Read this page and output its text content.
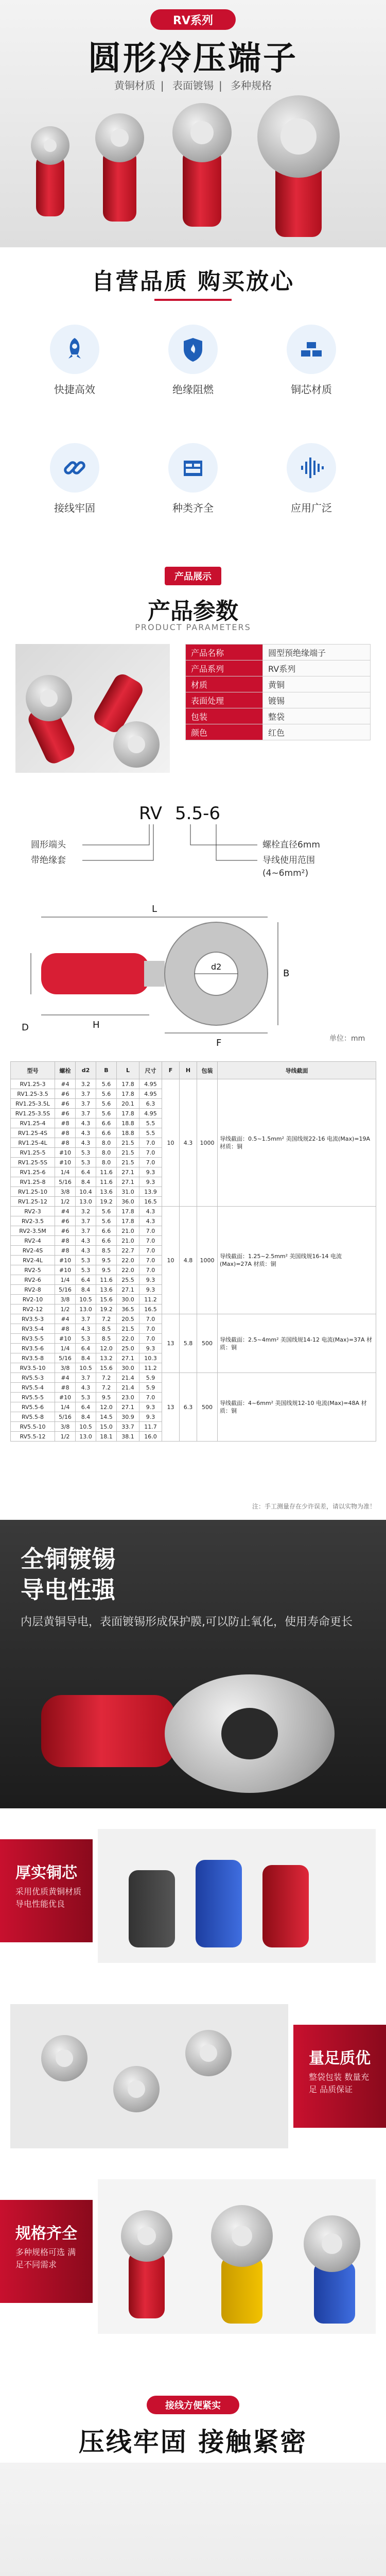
RV系列
圆形冷压端子
黄铜材质 | 表面镀锡 | 多种规格
自营品质 购买放心
快捷高效	绝缘阻燃	铜芯材质
接线牢固	种类齐全	应用广泛
产品展示
产品参数
PRODUCT PARAMETERS
产品名称	圆型预绝缘端子
产品系列	RV系列
材质	黄铜
表面处理	镀锡
包装	整袋
颜色	红色
RV 5.5-6
圆形端头
带绝缘套
螺栓直径6mm
导线使用范围
(4~6mm²)
单位：mm
d2
L
B
F
D	H
型号	螺栓	d2	B	L	尺寸	F	H	包装	导线截面
RV1.25-3	#4	3.2	5.6	17.8	4.95	10	4.3	1000	导线截面：0.5~1.5mm² 美国线规22-16 电流(Max)=19A 材质：铜
RV1.25-3.5	#6	3.7	5.6	17.8	4.95				
RV1.25-3.5L	#6	3.7	5.6	20.1	6.3				
RV1.25-3.5S	#6	3.7	5.6	17.8	4.95				
RV1.25-4	#8	4.3	6.6	18.8	5.5				
RV1.25-4S	#8	4.3	6.6	18.8	5.5				
RV1.25-4L	#8	4.3	8.0	21.5	7.0				
RV1.25-5	#10	5.3	8.0	21.5	7.0				
RV1.25-5S	#10	5.3	8.0	21.5	7.0				
RV1.25-6	1/4	6.4	11.6	27.1	9.3				
RV1.25-8	5/16	8.4	11.6	27.1	9.3				
RV1.25-10	3/8	10.4	13.6	31.0	13.9				
RV1.25-12	1/2	13.0	19.2	36.0	16.5				
RV2-3	#4	3.2	5.6	17.8	4.3	10	4.8	1000	导线截面：1.25~2.5mm² 美国线规16-14 电流(Max)=27A 材质：铜
RV2-3.5	#6	3.7	5.6	17.8	4.3				
RV2-3.5M	#6	3.7	6.6	21.0	7.0				
RV2-4	#8	4.3	6.6	21.0	7.0				
RV2-4S	#8	4.3	8.5	22.7	7.0				
RV2-4L	#10	5.3	9.5	22.0	7.0				
RV2-5	#10	5.3	9.5	22.0	7.0				
RV2-6	1/4	6.4	11.6	25.5	9.3				
RV2-8	5/16	8.4	13.6	27.1	9.3				
RV2-10	3/8	10.5	15.6	30.0	11.2				
RV2-12	1/2	13.0	19.2	36.5	16.5				
RV3.5-3	#4	3.7	7.2	20.5	7.0	13	5.8	500	导线截面：2.5~4mm² 美国线规14-12 电流(Max)=37A 材质：铜
RV3.5-4	#8	4.3	8.5	21.5	7.0				
RV3.5-5	#10	5.3	8.5	22.0	7.0				
RV3.5-6	1/4	6.4	12.0	25.0	9.3				
RV3.5-8	5/16	8.4	13.2	27.1	10.3				
RV3.5-10	3/8	10.5	15.6	30.0	11.2				
RV5.5-3	#4	3.7	7.2	21.4	5.9	13	6.3	500	导线截面：4~6mm² 美国线规12-10 电流(Max)=48A 材质：铜
RV5.5-4	#8	4.3	7.2	21.4	5.9				
RV5.5-5	#10	5.3	9.5	23.0	7.0				
RV5.5-6	1/4	6.4	12.0	27.1	9.3				
RV5.5-8	5/16	8.4	14.5	30.9	9.3				
RV5.5-10	3/8	10.5	15.0	33.7	11.7				
RV5.5-12	1/2	13.0	18.1	38.1	16.0				
注：手工测量存在少许误差，请以实物为准！
全铜镀锡
导电性强
内层黄铜导电，表面镀锡形成保护膜,可以防止氧化，使用寿命更长
厚实铜芯
采用优质黄铜材质 导电性能优良
量足质优
整袋包装 数量充足 品质保证
规格齐全
多种规格可选 满足不同需求
接线方便紧实
压线牢固 接触紧密
